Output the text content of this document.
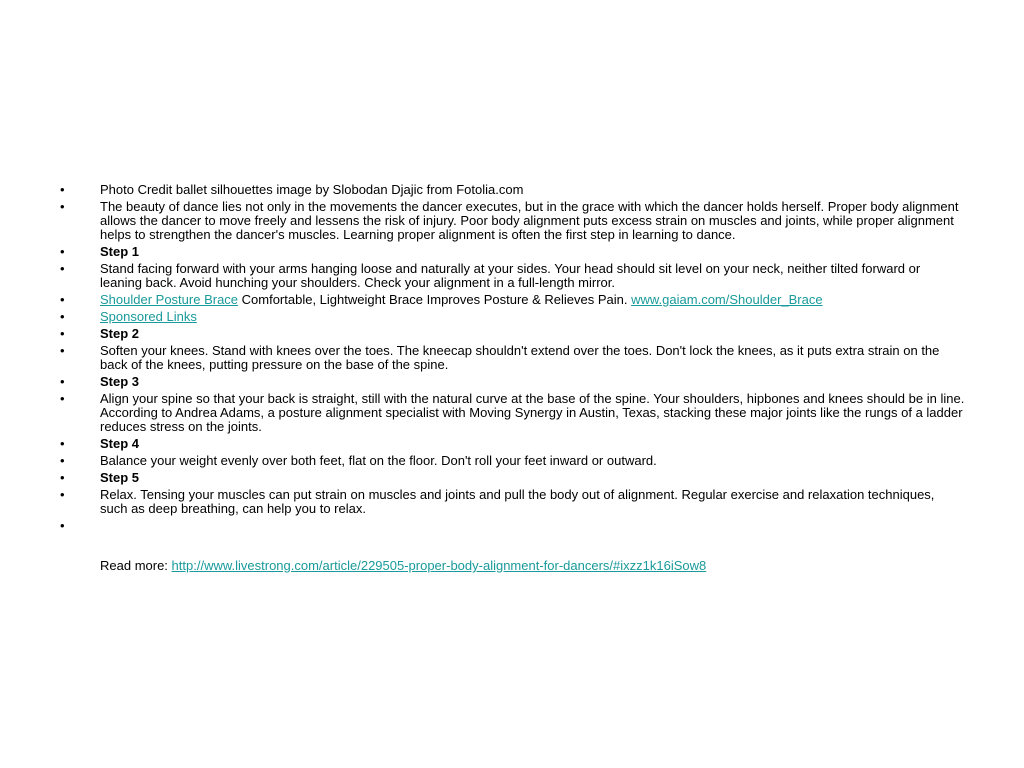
•	Photo Credit ballet silhouettes image by Slobodan Djajic from Fotolia.com
•	The beauty of dance lies not only in the movements the dancer executes, but in the grace with which the dancer holds herself. Proper body alignment allows the dancer to move freely and lessens the risk of injury. Poor body alignment puts excess strain on muscles and joints, while proper alignment helps to strengthen the dancer's muscles. Learning proper alignment is often the first step in learning to dance.
•	Step 1
•	Stand facing forward with your arms hanging loose and naturally at your sides. Your head should sit level on your neck, neither tilted forward or leaning back. Avoid hunching your shoulders. Check your alignment in a full-length mirror.
•	Shoulder Posture Brace Comfortable, Lightweight Brace Improves Posture & Relieves Pain. www.gaiam.com/Shoulder_Brace
•	Sponsored Links
•	Step 2
•	Soften your knees. Stand with knees over the toes. The kneecap shouldn't extend over the toes. Don't lock the knees, as it puts extra strain on the back of the knees, putting pressure on the base of the spine.
•	Step 3
•	Align your spine so that your back is straight, still with the natural curve at the base of the spine. Your shoulders, hipbones and knees should be in line. According to Andrea Adams, a posture alignment specialist with Moving Synergy in Austin, Texas, stacking these major joints like the rungs of a ladder reduces stress on the joints.
•	Step 4
•	Balance your weight evenly over both feet, flat on the floor. Don't roll your feet inward or outward.
•	Step 5
•	Relax. Tensing your muscles can put strain on muscles and joints and pull the body out of alignment. Regular exercise and relaxation techniques, such as deep breathing, can help you to relax.
•
Read more: http://www.livestrong.com/article/229505-proper-body-alignment-for-dancers/#ixzz1k16iSow8
